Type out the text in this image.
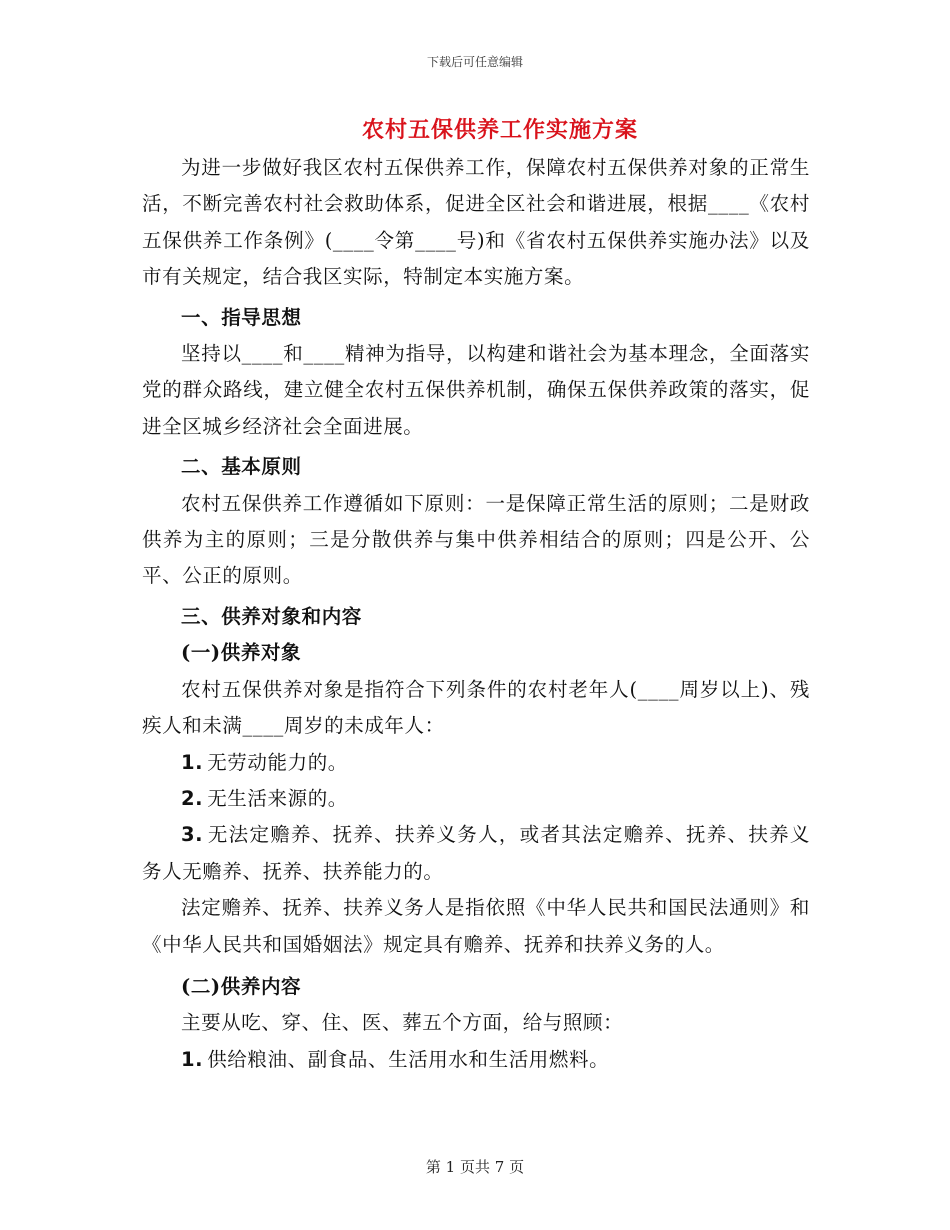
下载后可任意编辑
农村五保供养工作实施方案

为进一步做好我区农村五保供养工作，保障农村五保供养对象的正常生活，不断完善农村社会救助体系，促进全区社会和谐进展，根据____《农村五保供养工作条例》(____令第____号)和《省农村五保供养实施办法》以及市有关规定，结合我区实际，特制定本实施方案。

一、指导思想

坚持以____和____精神为指导，以构建和谐社会为基本理念，全面落实党的群众路线，建立健全农村五保供养机制，确保五保供养政策的落实，促进全区城乡经济社会全面进展。

二、基本原则

农村五保供养工作遵循如下原则：一是保障正常生活的原则；二是财政供养为主的原则；三是分散供养与集中供养相结合的原则；四是公开、公平、公正的原则。

三、供养对象和内容

(一)供养对象

农村五保供养对象是指符合下列条件的农村老年人(____周岁以上)、残疾人和未满____周岁的未成年人：

1. 无劳动能力的。

2. 无生活来源的。

3. 无法定赡养、抚养、扶养义务人，或者其法定赡养、抚养、扶养义务人无赡养、抚养、扶养能力的。

法定赡养、抚养、扶养义务人是指依照《中华人民共和国民法通则》和《中华人民共和国婚姻法》规定具有赡养、抚养和扶养义务的人。

(二)供养内容

主要从吃、穿、住、医、葬五个方面，给与照顾：

1. 供给粮油、副食品、生活用水和生活用燃料。

第 1 页共 7 页
